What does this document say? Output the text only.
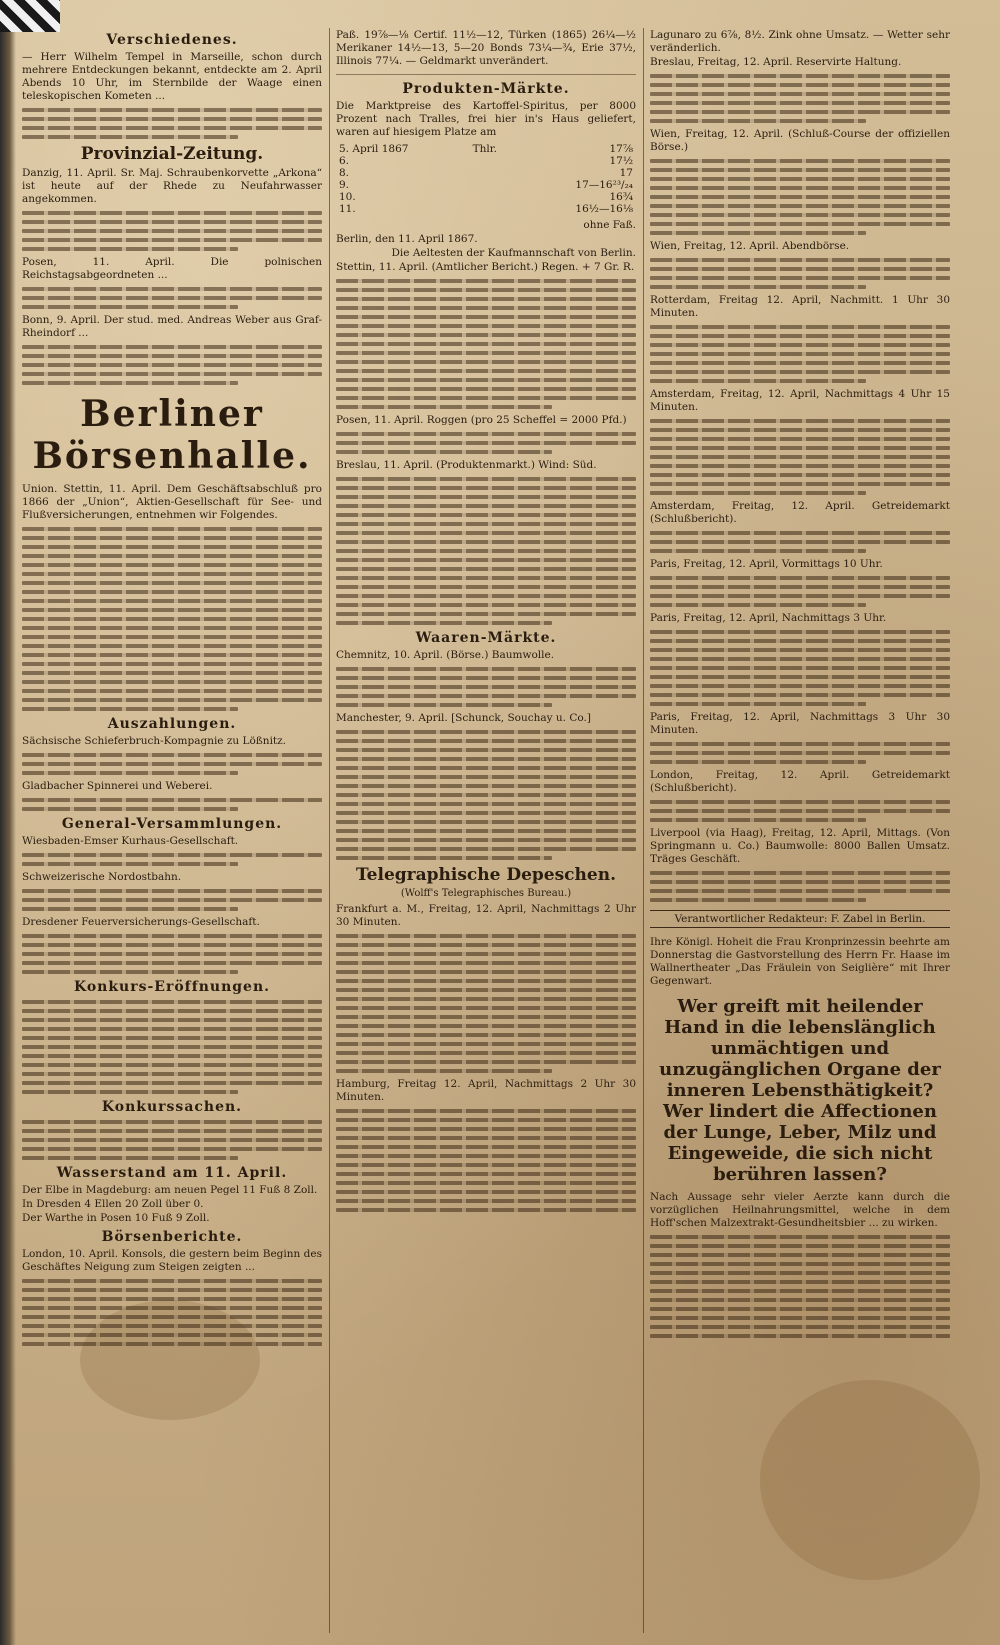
Verschiedenes.
— Herr Wilhelm Tempel in Marseille, schon durch mehrere Entdeckungen bekannt, entdeckte am 2. April Abends 10 Uhr, im Sternbilde der Waage einen teleskopischen Kometen ...
Provinzial-Zeitung.
Danzig, 11. April. Sr. Maj. Schraubenkorvette „Arkona“ ist heute auf der Rhede zu Neufahrwasser angekommen.
Posen, 11. April. Die polnischen Reichstagsabgeordneten ...
Bonn, 9. April. Der stud. med. Andreas Weber aus Graf-Rheindorf ...
Berliner Börsenhalle.
Union. Stettin, 11. April. Dem Geschäftsabschluß pro 1866 der „Union“, Aktien-Gesellschaft für See- und Flußversicherungen, entnehmen wir Folgendes.
Auszahlungen.
Sächsische Schieferbruch-Kompagnie zu Lößnitz.
Gladbacher Spinnerei und Weberei.
General-Versammlungen.
Wiesbaden-Emser Kurhaus-Gesellschaft.
Schweizerische Nordostbahn.
Dresdener Feuerversicherungs-Gesellschaft.
Konkurs-Eröffnungen.
Konkurssachen.
Wasserstand am 11. April.
Der Elbe in Magdeburg: am neuen Pegel 11 Fuß 8 Zoll.
In Dresden 4 Ellen 20 Zoll über 0.
Der Warthe in Posen 10 Fuß 9 Zoll.
Börsenberichte.
London, 10. April. Konsols, die gestern beim Beginn des Geschäftes Neigung zum Steigen zeigten ...
Paß. 19⅞—⅛ Certif. 11½—12, Türken (1865) 26¼—½ Merikaner 14½—13, 5—20 Bonds 73¼—¾, Erie 37½, Illinois 77¼. — Geldmarkt unverändert.
Produkten-Märkte.
Die Marktpreise des Kartoffel-Spiritus, per 8000 Prozent nach Tralles, frei hier in's Haus geliefert, waren auf hiesigem Platze am
5. April 1867	Thlr.	17⅞
6.		17½
8.		17
9.		17—16²³/₂₄
10.		16¾
11.		16½—16⅛
ohne Faß.
Berlin, den 11. April 1867.
Die Aeltesten der Kaufmannschaft von Berlin.
Stettin, 11. April. (Amtlicher Bericht.) Regen. + 7 Gr. R.
Posen, 11. April. Roggen (pro 25 Scheffel = 2000 Pfd.)
Breslau, 11. April. (Produktenmarkt.) Wind: Süd.
Waaren-Märkte.
Chemnitz, 10. April. (Börse.) Baumwolle.
Manchester, 9. April. [Schunck, Souchay u. Co.]
Telegraphische Depeschen.
(Wolff's Telegraphisches Bureau.)
Frankfurt a. M., Freitag, 12. April, Nachmittags 2 Uhr 30 Minuten.
Hamburg, Freitag 12. April, Nachmittags 2 Uhr 30 Minuten.
Lagunaro zu 6⅞, 8½. Zink ohne Umsatz. — Wetter sehr veränderlich.
Breslau, Freitag, 12. April. Reservirte Haltung.
Wien, Freitag, 12. April. (Schluß-Course der offiziellen Börse.)
Wien, Freitag, 12. April. Abendbörse.
Rotterdam, Freitag 12. April, Nachmitt. 1 Uhr 30 Minuten.
Amsterdam, Freitag, 12. April, Nachmittags 4 Uhr 15 Minuten.
Amsterdam, Freitag, 12. April. Getreidemarkt (Schlußbericht).
Paris, Freitag, 12. April, Vormittags 10 Uhr.
Paris, Freitag, 12. April, Nachmittags 3 Uhr.
Paris, Freitag, 12. April, Nachmittags 3 Uhr 30 Minuten.
London, Freitag, 12. April. Getreidemarkt (Schlußbericht).
Liverpool (via Haag), Freitag, 12. April, Mittags. (Von Springmann u. Co.) Baumwolle: 8000 Ballen Umsatz. Träges Geschäft.
Verantwortlicher Redakteur: F. Zabel in Berlin.
Ihre Königl. Hoheit die Frau Kronprinzessin beehrte am Donnerstag die Gastvorstellung des Herrn Fr. Haase im Wallnertheater „Das Fräulein von Seiglière“ mit Ihrer Gegenwart.
Wer greift mit heilender Hand in die lebenslänglich unmächtigen und unzugänglichen Organe der inneren Lebensthätigkeit? Wer lindert die Affectionen der Lunge, Leber, Milz und Eingeweide, die sich nicht berühren lassen?
Nach Aussage sehr vieler Aerzte kann durch die vorzüglichen Heilnahrungsmittel, welche in dem Hoff'schen Malzextrakt-Gesundheitsbier ... zu wirken.
